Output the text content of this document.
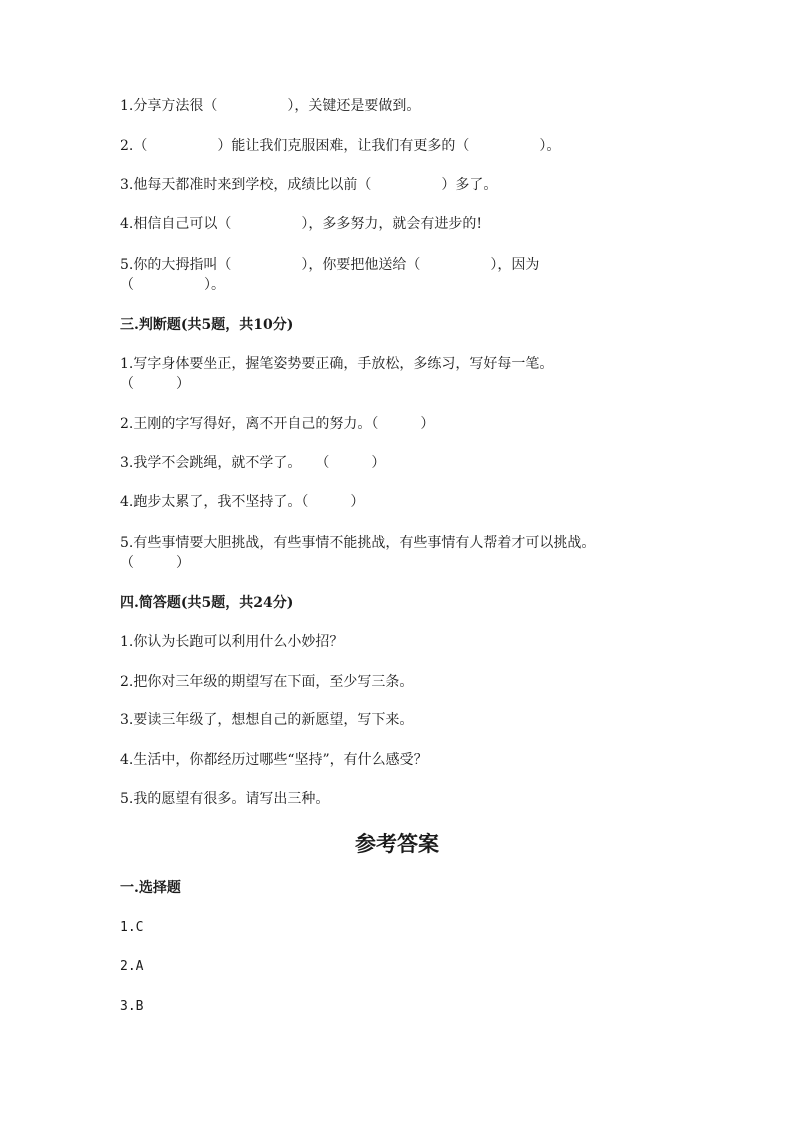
1.分享方法很（　　　　　），关键还是要做到。

2.（　　　　　）能让我们克服困难，让我们有更多的（　　　　　）。

3.他每天都准时来到学校，成绩比以前（　　　　　）多了。

4.相信自己可以（　　　　　），多多努力，就会有进步的!

5.你的大拇指叫（　　　　　），你要把他送给（　　　　　），因为

（　　　　　）。

三.判断题(共5题，共10分)

1.写字身体要坐正，握笔姿势要正确，手放松，多练习，写好每一笔。

（　　　）

2.王刚的字写得好，离不开自己的努力。（　　　）

3.我学不会跳绳，就不学了。　　（　　　）

4.跑步太累了，我不坚持了。（　　　）

5.有些事情要大胆挑战，有些事情不能挑战，有些事情有人帮着才可以挑战。

（　　　）

四.简答题(共5题，共24分)

1.你认为长跑可以利用什么小妙招？

2.把你对三年级的期望写在下面，至少写三条。

3.要读三年级了，想想自己的新愿望，写下来。

4.生活中，你都经历过哪些“坚持”，有什么感受？

5.我的愿望有很多。请写出三种。

参考答案

一.选择题

1.C

2.A

3.B
